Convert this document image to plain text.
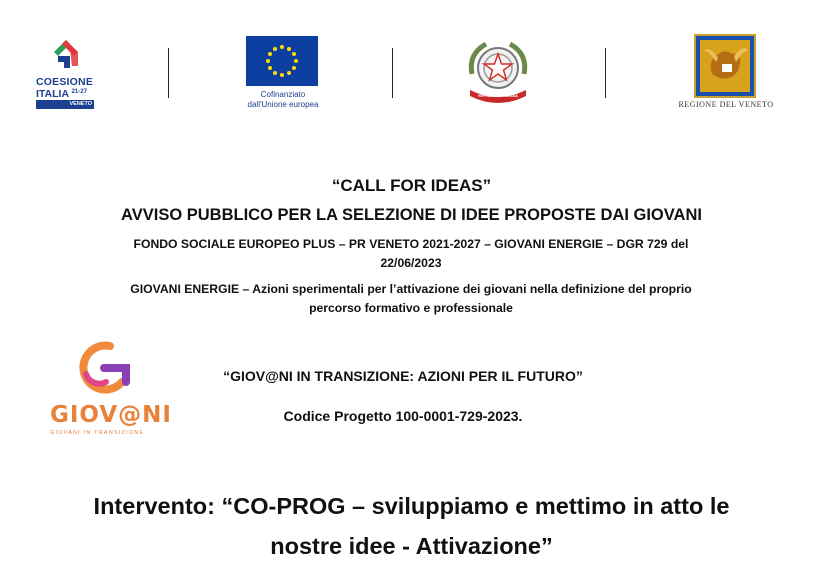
COESIONE
ITALIA $^{21-27}$
VENETO
Cofinanziato
dall'Unione europea
REPUBBLICA ITALIANA
REGIONE DEL VENETO
“CALL FOR IDEAS”
AVVISO PUBBLICO PER LA SELEZIONE DI IDEE PROPOSTE DAI GIOVANI
FONDO SOCIALE EUROPEO PLUS – PR VENETO 2021-2027 – GIOVANI ENERGIE – DGR 729 del
22/06/2023
GIOVANI ENERGIE – Azioni sperimentali per l’attivazione dei giovani nella definizione del proprio
percorso formativo e professionale
GIOV@NI
GIOVANI IN TRANSIZIONE
“GIOV@NI IN TRANSIZIONE: AZIONI PER IL FUTURO”
Codice Progetto 100-0001-729-2023.
Intervento: “CO-PROG – sviluppiamo e mettimo in atto le
nostre idee - Attivazione”
